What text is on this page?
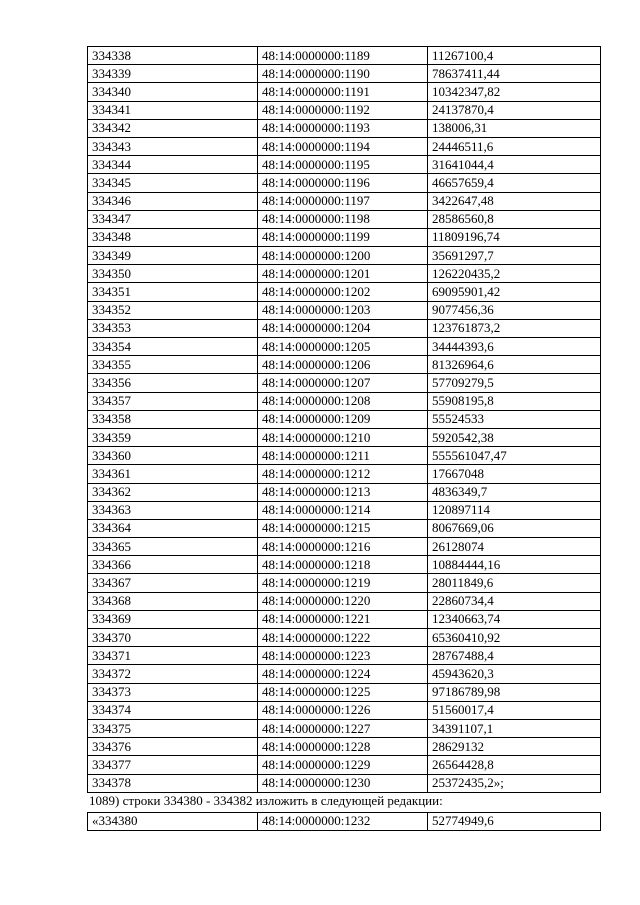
334338	48:14:0000000:1189	11267100,4
334339	48:14:0000000:1190	78637411,44
334340	48:14:0000000:1191	10342347,82
334341	48:14:0000000:1192	24137870,4
334342	48:14:0000000:1193	138006,31
334343	48:14:0000000:1194	24446511,6
334344	48:14:0000000:1195	31641044,4
334345	48:14:0000000:1196	46657659,4
334346	48:14:0000000:1197	3422647,48
334347	48:14:0000000:1198	28586560,8
334348	48:14:0000000:1199	11809196,74
334349	48:14:0000000:1200	35691297,7
334350	48:14:0000000:1201	126220435,2
334351	48:14:0000000:1202	69095901,42
334352	48:14:0000000:1203	9077456,36
334353	48:14:0000000:1204	123761873,2
334354	48:14:0000000:1205	34444393,6
334355	48:14:0000000:1206	81326964,6
334356	48:14:0000000:1207	57709279,5
334357	48:14:0000000:1208	55908195,8
334358	48:14:0000000:1209	55524533
334359	48:14:0000000:1210	5920542,38
334360	48:14:0000000:1211	555561047,47
334361	48:14:0000000:1212	17667048
334362	48:14:0000000:1213	4836349,7
334363	48:14:0000000:1214	120897114
334364	48:14:0000000:1215	8067669,06
334365	48:14:0000000:1216	26128074
334366	48:14:0000000:1218	10884444,16
334367	48:14:0000000:1219	28011849,6
334368	48:14:0000000:1220	22860734,4
334369	48:14:0000000:1221	12340663,74
334370	48:14:0000000:1222	65360410,92
334371	48:14:0000000:1223	28767488,4
334372	48:14:0000000:1224	45943620,3
334373	48:14:0000000:1225	97186789,98
334374	48:14:0000000:1226	51560017,4
334375	48:14:0000000:1227	34391107,1
334376	48:14:0000000:1228	28629132
334377	48:14:0000000:1229	26564428,8
334378	48:14:0000000:1230	25372435,2»;
1089) строки 334380 - 334382 изложить в следующей редакции:
«334380	48:14:0000000:1232	52774949,6
